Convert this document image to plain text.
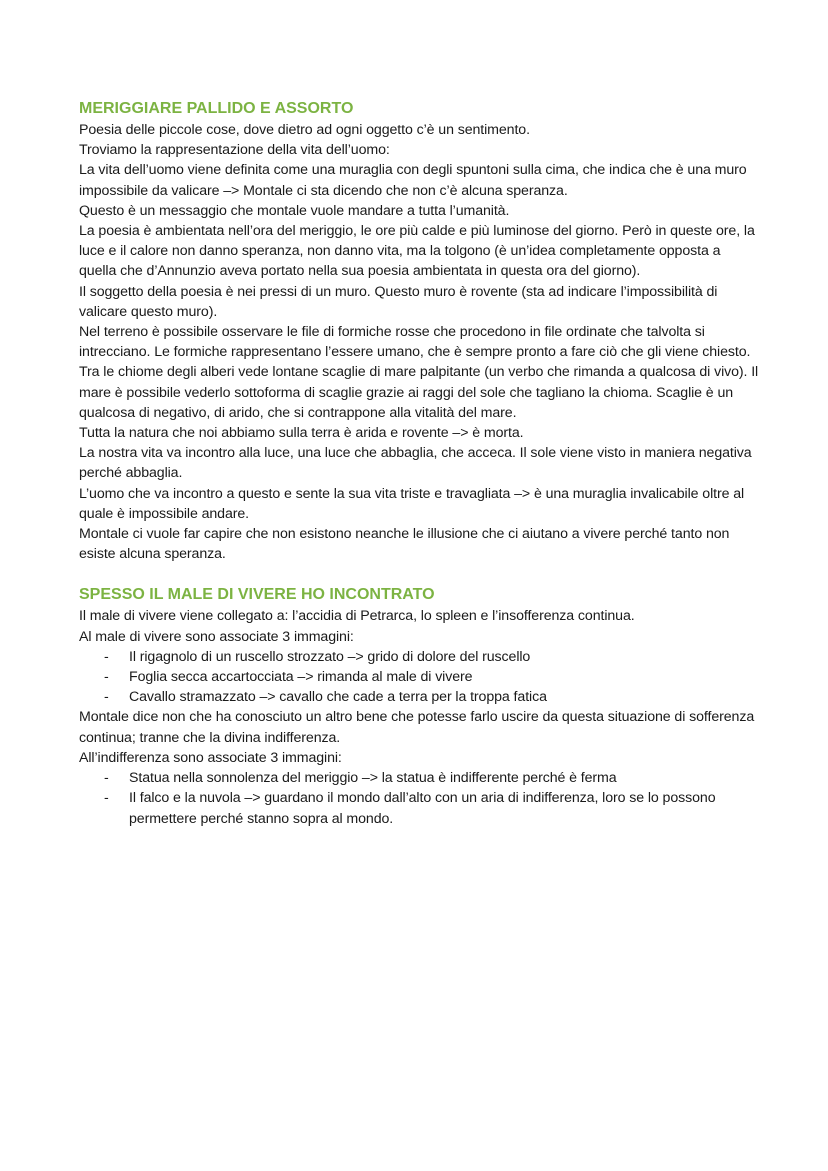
MERIGGIARE PALLIDO E ASSORTO

Poesia delle piccole cose, dove dietro ad ogni oggetto c’è un sentimento.

Troviamo la rappresentazione della vita dell’uomo:

La vita dell’uomo viene definita come una muraglia con degli spuntoni sulla cima, che indica che è una muro impossibile da valicare –> Montale ci sta dicendo che non c’è alcuna speranza.

Questo è un messaggio che montale vuole mandare a tutta l’umanità.

La poesia è ambientata nell’ora del meriggio, le ore più calde e più luminose del giorno. Però in queste ore, la luce e il calore non danno speranza, non danno vita, ma la tolgono (è un’idea completamente opposta a quella che d’Annunzio aveva portato nella sua poesia ambientata in questa ora del giorno).

Il soggetto della poesia è nei pressi di un muro. Questo muro è rovente (sta ad indicare l’impossibilità di valicare questo muro).

Nel terreno è possibile osservare le file di formiche rosse che procedono in file ordinate che talvolta si intrecciano. Le formiche rappresentano l’essere umano, che è sempre pronto a fare ciò che gli viene chiesto.

Tra le chiome degli alberi vede lontane scaglie di mare palpitante (un verbo che rimanda a qualcosa di vivo). Il mare è possibile vederlo sottoforma di scaglie grazie ai raggi del sole che tagliano la chioma. Scaglie è un qualcosa di negativo, di arido, che si contrappone alla vitalità del mare.

Tutta la natura che noi abbiamo sulla terra è arida e rovente –> è morta.

La nostra vita va incontro alla luce, una luce che abbaglia, che acceca. Il sole viene visto in maniera negativa perché abbaglia.

L’uomo che va incontro a questo e sente la sua vita triste e travagliata –> è una muraglia invalicabile oltre al quale è impossibile andare.

Montale ci vuole far capire che non esistono neanche le illusione che ci aiutano a vivere perché tanto non esiste alcuna speranza.

SPESSO IL MALE DI VIVERE HO INCONTRATO

Il male di vivere viene collegato a: l’accidia di Petrarca, lo spleen e l’insofferenza continua.

Al male di vivere sono associate 3 immagini:

- Il rigagnolo di un ruscello strozzato –> grido di dolore del ruscello
- Foglia secca accartocciata –> rimanda al male di vivere
- Cavallo stramazzato –> cavallo che cade a terra per la troppa fatica

Montale dice non che ha conosciuto un altro bene che potesse farlo uscire da questa situazione di sofferenza continua; tranne che la divina indifferenza.

All’indifferenza sono associate 3 immagini:

- Statua nella sonnolenza del meriggio –> la statua è indifferente perché è ferma
- Il falco e la nuvola –> guardano il mondo dall’alto con un aria di indifferenza, loro se lo possono permettere perché stanno sopra al mondo.
